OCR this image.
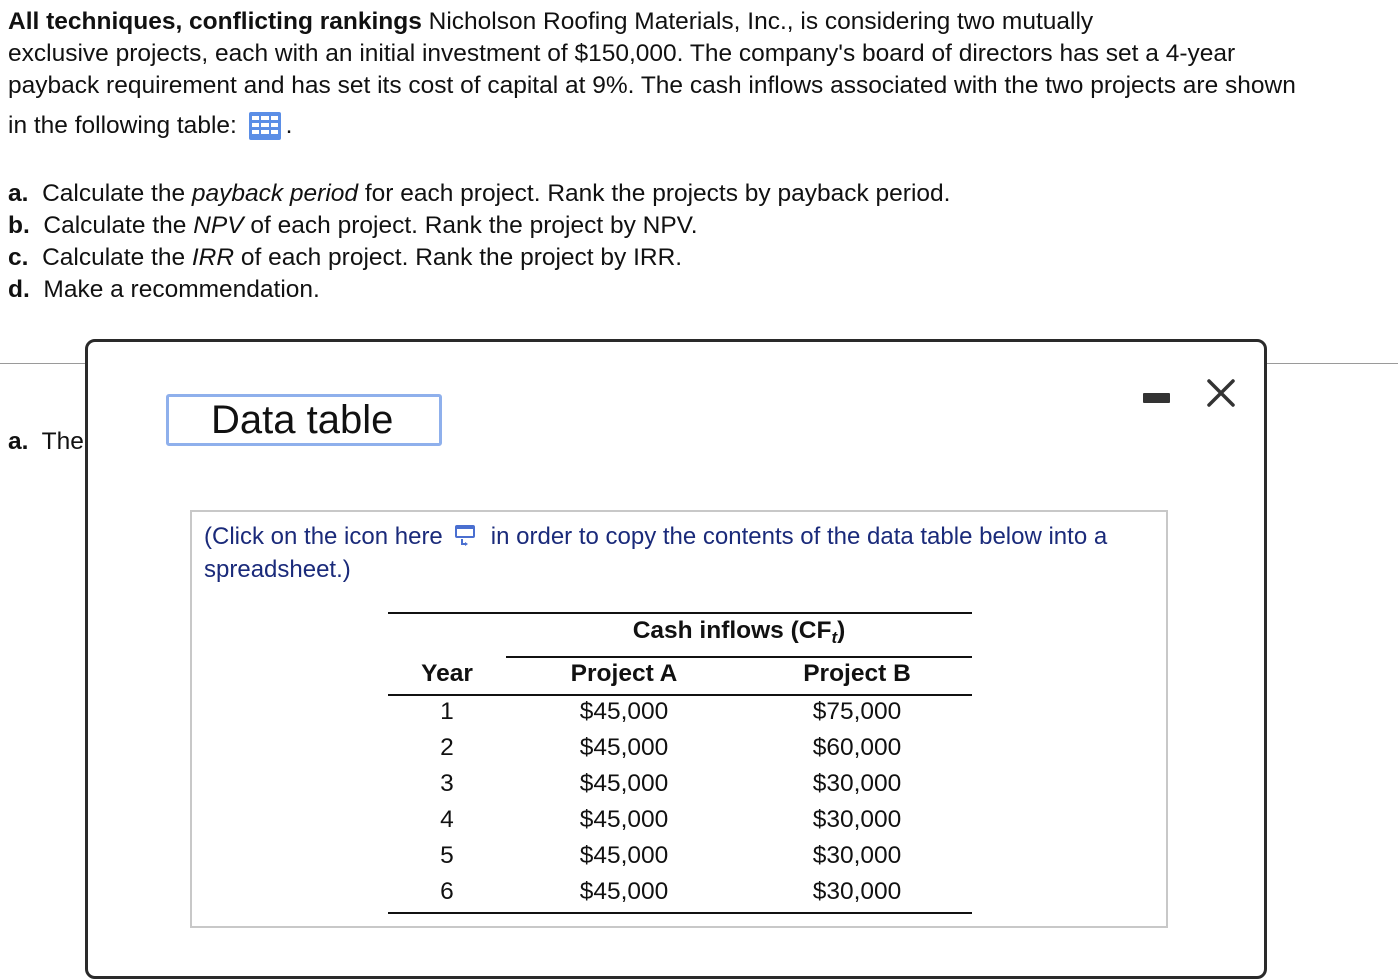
All techniques, conflicting rankings Nicholson Roofing Materials, Inc., is considering two mutually
exclusive projects, each with an initial investment of $150,000. The company's board of directors has set a 4-year
payback requirement and has set its cost of capital at 9%. The cash inflows associated with the two projects are shown
in the following table: .
a. Calculate the payback period for each project. Rank the projects by payback period.
b. Calculate the NPV of each project. Rank the project by NPV.
c. Calculate the IRR of each project. Rank the project by IRR.
d. Make a recommendation.
a. The	Data table
(Click on the icon here in order to copy the contents of the data table below into a spreadsheet.)
Cash inflows $(CF_t)$
Year	Project A	Project B
1	$45,000	$75,000
2	$45,000	$60,000
3	$45,000	$30,000
4	$45,000	$30,000
5	$45,000	$30,000
6	$45,000	$30,000
